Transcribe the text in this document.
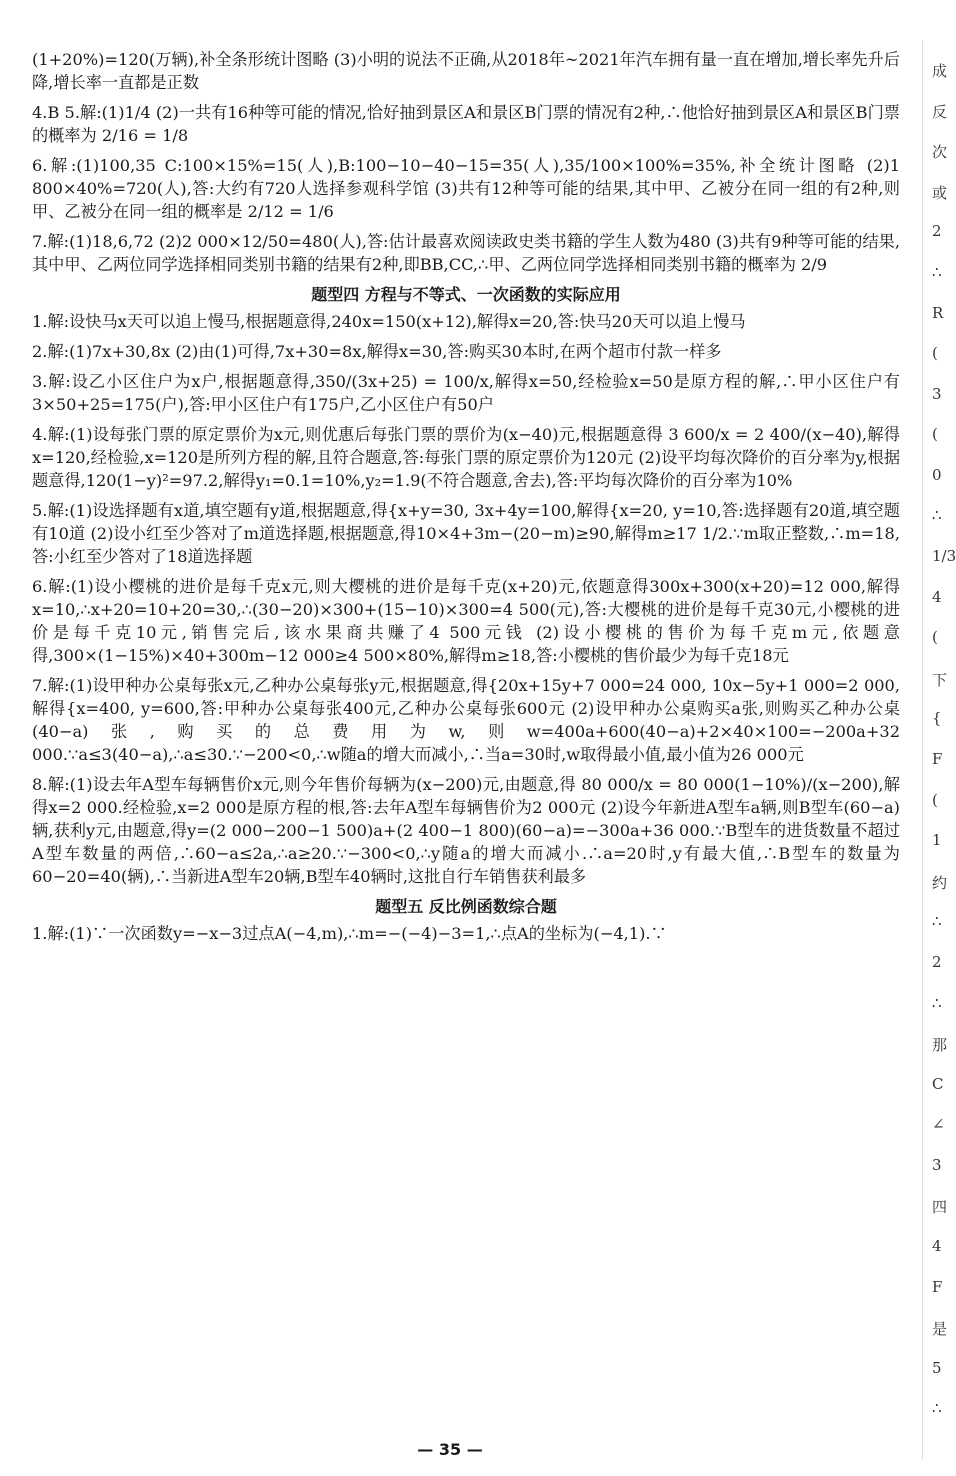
(1+20%)=120(万辆),补全条形统计图略 (3)小明的说法不正确,从2018年~2021年汽车拥有量一直在增加,增长率先升后降,增长率一直都是正数

4.B 5.解:(1)1/4 (2)一共有16种等可能的情况,恰好抽到景区A和景区B门票的情况有2种,∴他恰好抽到景区A和景区B门票的概率为 2/16 = 1/8

6.解:(1)100,35 C:100×15%=15(人),B:100−10−40−15=35(人),35/100×100%=35%,补全统计图略 (2)1 800×40%=720(人),答:大约有720人选择参观科学馆 (3)共有12种等可能的结果,其中甲、乙被分在同一组的有2种,则甲、乙被分在同一组的概率是 2/12 = 1/6

7.解:(1)18,6,72 (2)2 000×12/50=480(人),答:估计最喜欢阅读政史类书籍的学生人数为480 (3)共有9种等可能的结果,其中甲、乙两位同学选择相同类别书籍的结果有2种,即BB,CC,∴甲、乙两位同学选择相同类别书籍的概率为 2/9

题型四 方程与不等式、一次函数的实际应用

1.解:设快马x天可以追上慢马,根据题意得,240x=150(x+12),解得x=20,答:快马20天可以追上慢马

2.解:(1)7x+30,8x (2)由(1)可得,7x+30=8x,解得x=30,答:购买30本时,在两个超市付款一样多

3.解:设乙小区住户为x户,根据题意得,350/(3x+25) = 100/x,解得x=50,经检验x=50是原方程的解,∴甲小区住户有3×50+25=175(户),答:甲小区住户有175户,乙小区住户有50户

4.解:(1)设每张门票的原定票价为x元,则优惠后每张门票的票价为(x−40)元,根据题意得 3 600/x = 2 400/(x−40),解得x=120,经检验,x=120是所列方程的解,且符合题意,答:每张门票的原定票价为120元 (2)设平均每次降价的百分率为y,根据题意得,120(1−y)²=97.2,解得y₁=0.1=10%,y₂=1.9(不符合题意,舍去),答:平均每次降价的百分率为10%

5.解:(1)设选择题有x道,填空题有y道,根据题意,得{x+y=30, 3x+4y=100,解得{x=20, y=10,答:选择题有20道,填空题有10道 (2)设小红至少答对了m道选择题,根据题意,得10×4+3m−(20−m)≥90,解得m≥17 1/2.∵m取正整数,∴m=18,答:小红至少答对了18道选择题

6.解:(1)设小樱桃的进价是每千克x元,则大樱桃的进价是每千克(x+20)元,依题意得300x+300(x+20)=12 000,解得x=10,∴x+20=10+20=30,∴(30−20)×300+(15−10)×300=4 500(元),答:大樱桃的进价是每千克30元,小樱桃的进价是每千克10元,销售完后,该水果商共赚了4 500元钱 (2)设小樱桃的售价为每千克m元,依题意得,300×(1−15%)×40+300m−12 000≥4 500×80%,解得m≥18,答:小樱桃的售价最少为每千克18元

7.解:(1)设甲种办公桌每张x元,乙种办公桌每张y元,根据题意,得{20x+15y+7 000=24 000, 10x−5y+1 000=2 000,解得{x=400, y=600,答:甲种办公桌每张400元,乙种办公桌每张600元 (2)设甲种办公桌购买a张,则购买乙种办公桌(40−a)张,购买的总费用为w,则w=400a+600(40−a)+2×40×100=−200a+32 000.∵a≤3(40−a),∴a≤30.∵−200<0,∴w随a的增大而减小,∴当a=30时,w取得最小值,最小值为26 000元

8.解:(1)设去年A型车每辆售价x元,则今年售价每辆为(x−200)元,由题意,得 80 000/x = 80 000(1−10%)/(x−200),解得x=2 000.经检验,x=2 000是原方程的根,答:去年A型车每辆售价为2 000元 (2)设今年新进A型车a辆,则B型车(60−a)辆,获利y元,由题意,得y=(2 000−200−1 500)a+(2 400−1 800)(60−a)=−300a+36 000.∵B型车的进货数量不超过A型车数量的两倍,∴60−a≤2a,∴a≥20.∵−300<0,∴y随a的增大而减小.∴a=20时,y有最大值,∴B型车的数量为60−20=40(辆),∴当新进A型车20辆,B型车40辆时,这批自行车销售获利最多

题型五 反比例函数综合题

1.解:(1)∵一次函数y=−x−3过点A(−4,m),∴m=−(−4)−3=1,∴点A的坐标为(−4,1).∵

成
反
次
或
2
∴
R
(
3
(
0
∴
1/3
4
(
下
{
F
(
1
约
∴
2
∴
那
C
∠
3
四
4
F
是
5
∴
— 35 —
